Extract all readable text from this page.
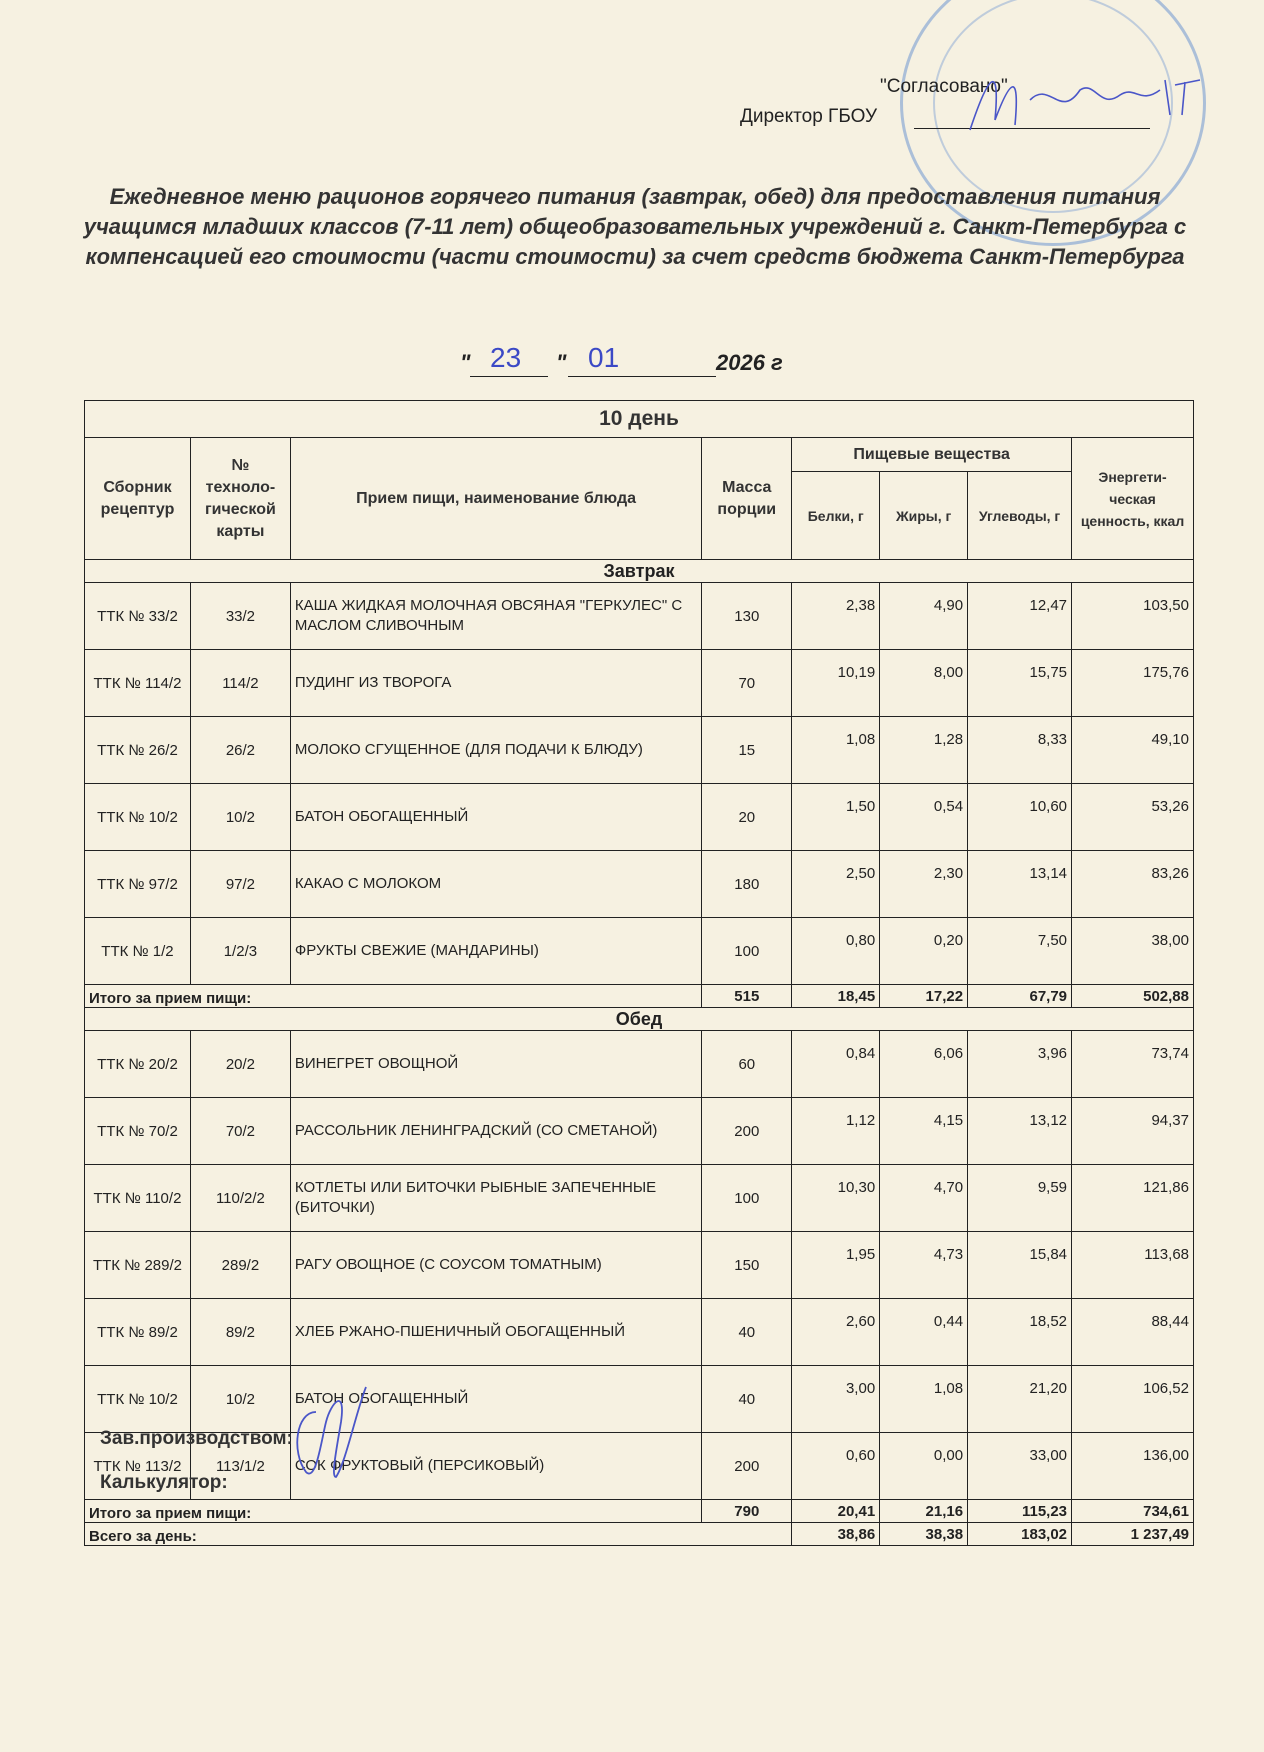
"Согласовано"
Директор ГБОУ
Ежедневное меню рационов горячего питания (завтрак, обед) для предоставления питания учащимся младших классов (7-11 лет) общеобразовательных учреждений г. Санкт-Петербурга с компенсацией его стоимости (части стоимости) за счет средств бюджета Санкт-Петербурга
" 23 " 01	2026 г
10 день							
Сборник рецептур	№ техноло-гической карты	Прием пищи, наименование блюда	Масса порции	Пищевые вещества			Энергети-ческая ценность, ккал
				Белки, г	Жиры, г	Углеводы, г	
Завтрак							
ТТК № 33/2	33/2	КАША ЖИДКАЯ МОЛОЧНАЯ ОВСЯНАЯ "ГЕРКУЛЕС" С МАСЛОМ СЛИВОЧНЫМ	130	2,38	4,90	12,47	103,50
ТТК № 114/2	114/2	ПУДИНГ ИЗ ТВОРОГА	70	10,19	8,00	15,75	175,76
ТТК № 26/2	26/2	МОЛОКО СГУЩЕННОЕ (ДЛЯ ПОДАЧИ К БЛЮДУ)	15	1,08	1,28	8,33	49,10
ТТК № 10/2	10/2	БАТОН ОБОГАЩЕННЫЙ	20	1,50	0,54	10,60	53,26
ТТК № 97/2	97/2	КАКАО С МОЛОКОМ	180	2,50	2,30	13,14	83,26
ТТК № 1/2	1/2/3	ФРУКТЫ СВЕЖИЕ (МАНДАРИНЫ)	100	0,80	0,20	7,50	38,00
Итого за прием пищи:			515	18,45	17,22	67,79	502,88
Обед							
ТТК № 20/2	20/2	ВИНЕГРЕТ ОВОЩНОЙ	60	0,84	6,06	3,96	73,74
ТТК № 70/2	70/2	РАССОЛЬНИК ЛЕНИНГРАДСКИЙ (СО СМЕТАНОЙ)	200	1,12	4,15	13,12	94,37
ТТК № 110/2	110/2/2	КОТЛЕТЫ ИЛИ БИТОЧКИ РЫБНЫЕ ЗАПЕЧЕННЫЕ (БИТОЧКИ)	100	10,30	4,70	9,59	121,86
ТТК № 289/2	289/2	РАГУ ОВОЩНОЕ (С СОУСОМ ТОМАТНЫМ)	150	1,95	4,73	15,84	113,68
ТТК № 89/2	89/2	ХЛЕБ РЖАНО-ПШЕНИЧНЫЙ ОБОГАЩЕННЫЙ	40	2,60	0,44	18,52	88,44
ТТК № 10/2	10/2	БАТОН ОБОГАЩЕННЫЙ	40	3,00	1,08	21,20	106,52
ТТК № 113/2	113/1/2	СОК ФРУКТОВЫЙ (ПЕРСИКОВЫЙ)	200	0,60	0,00	33,00	136,00
Итого за прием пищи:			790	20,41	21,16	115,23	734,61
Всего за день:				38,86	38,38	183,02	1 237,49
Зав.производством:
Калькулятор:
